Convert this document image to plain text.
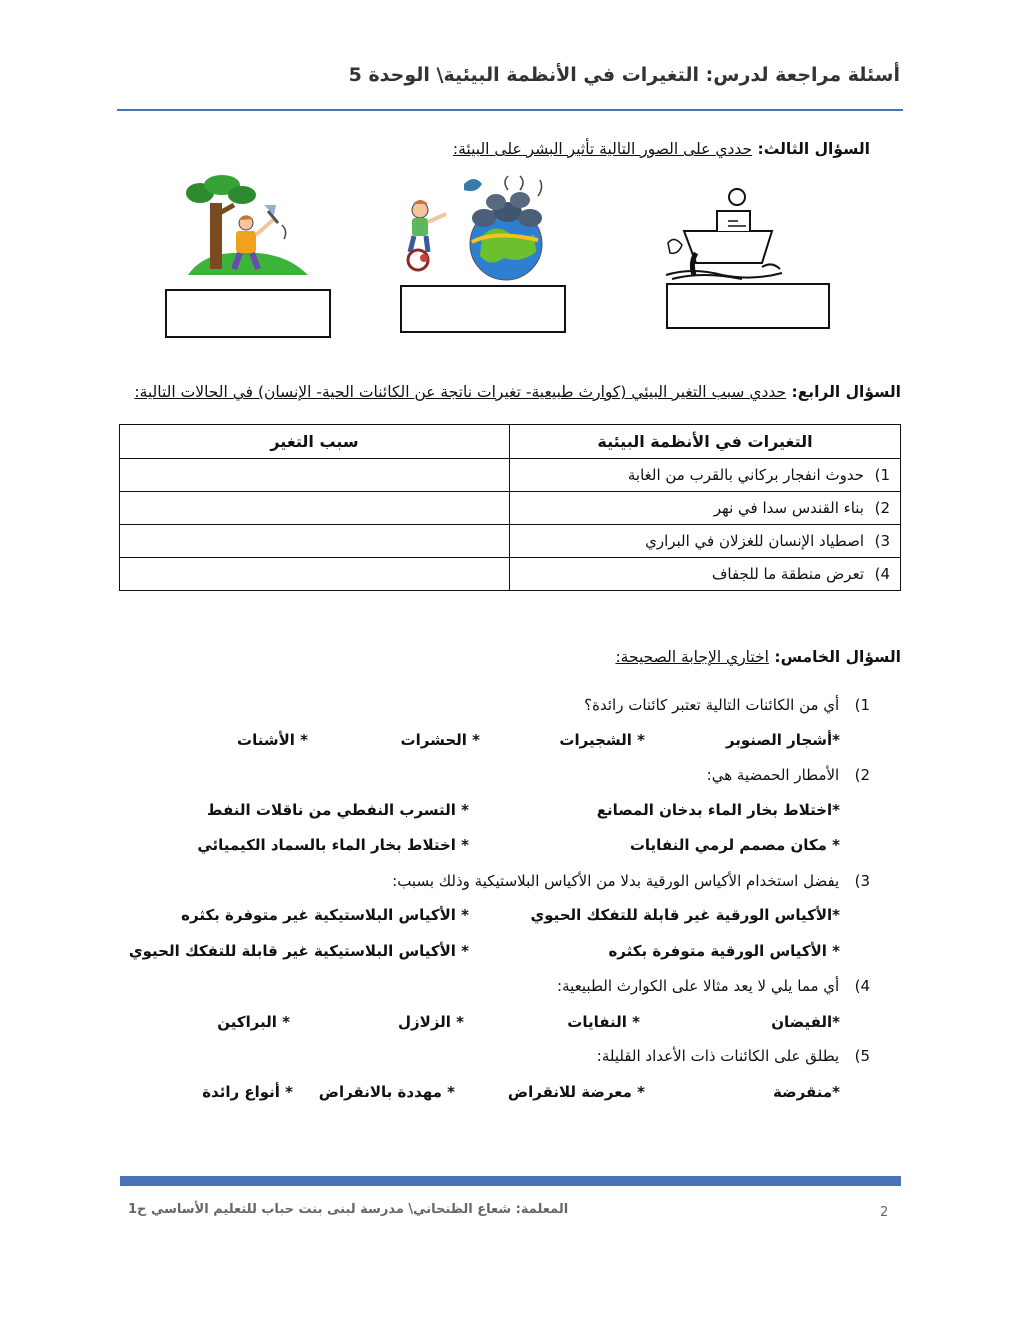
أسئلة مراجعة لدرس: التغيرات في الأنظمة البيئية\ الوحدة 5
السؤال الثالث: حددي على الصور التالية تأثير البشر على البيئة:
السؤال الرابع: حددي سبب التغير البيئي (كوارث طبيعية- تغيرات ناتجة عن الكائنات الحية- الإنسان) في الحالات التالية:
التغيرات في الأنظمة البيئية	سبب التغير
1)حدوث انفجار بركاني بالقرب من الغابة	
2)بناء القندس سدا في نهر	
3)اصطياد الإنسان للغزلان في البراري	
4)تعرض منطقة ما للجفاف	
السؤال الخامس: اختاري الإجابة الصحيحة:
1) أي من الكائنات التالية تعتبر كائنات رائدة؟
*أشجار الصنوبر
* الشجيرات
* الحشرات
* الأشنات
2) الأمطار الحمضية هي:
*اختلاط بخار الماء بدخان المصانع
* التسرب النفطي من ناقلات النفط
* مكان مصمم لرمي النفايات
* اختلاط بخار الماء بالسماد الكيميائي
3) يفضل استخدام الأكياس الورقية بدلا من الأكياس البلاستيكية وذلك بسبب:
*الأكياس الورقية غير قابلة للتفكك الحيوي
* الأكياس البلاستيكية غير متوفرة بكثره
* الأكياس الورقية متوفرة بكثره
* الأكياس البلاستيكية غير قابلة للتفكك الحيوي
4) أي مما يلي لا يعد مثالا على الكوارث الطبيعية:
*الفيضان
* النفايات
* الزلازل
* البراكين
5) يطلق على الكائنات ذات الأعداد القليلة:
*منقرضة
* معرضة للانقراض
* مهددة بالانقراض
* أنواع رائدة
المعلمة: شعاع الظنحاني\ مدرسة لبنى بنت حباب للتعليم الأساسي ح1	2
